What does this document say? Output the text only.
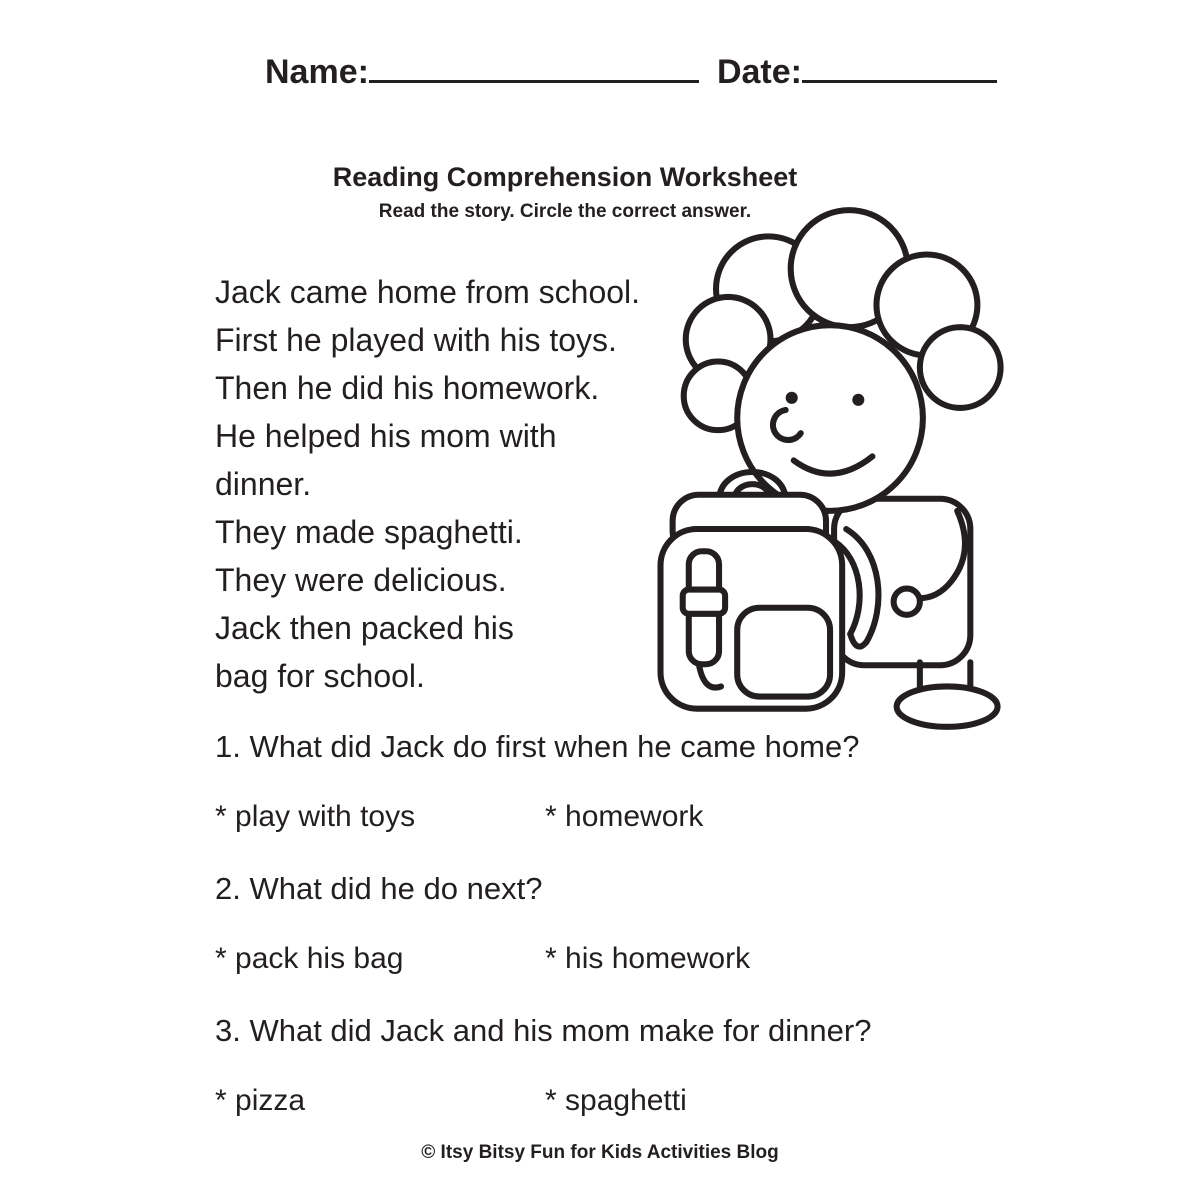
Name:	Date:
Reading Comprehension Worksheet
Read the story. Circle the correct answer.
Jack came home from school.
First he played with his toys.
Then he did his homework.
He helped his mom with
dinner.
They made spaghetti.
They were delicious.
Jack then packed his
bag for school.
1. What did Jack do first when he came home?
* play with toys	* homework
2. What did he do next?
* pack his bag	* his homework
3. What did Jack and his mom make for dinner?
* pizza	* spaghetti
© Itsy Bitsy Fun for Kids Activities Blog
